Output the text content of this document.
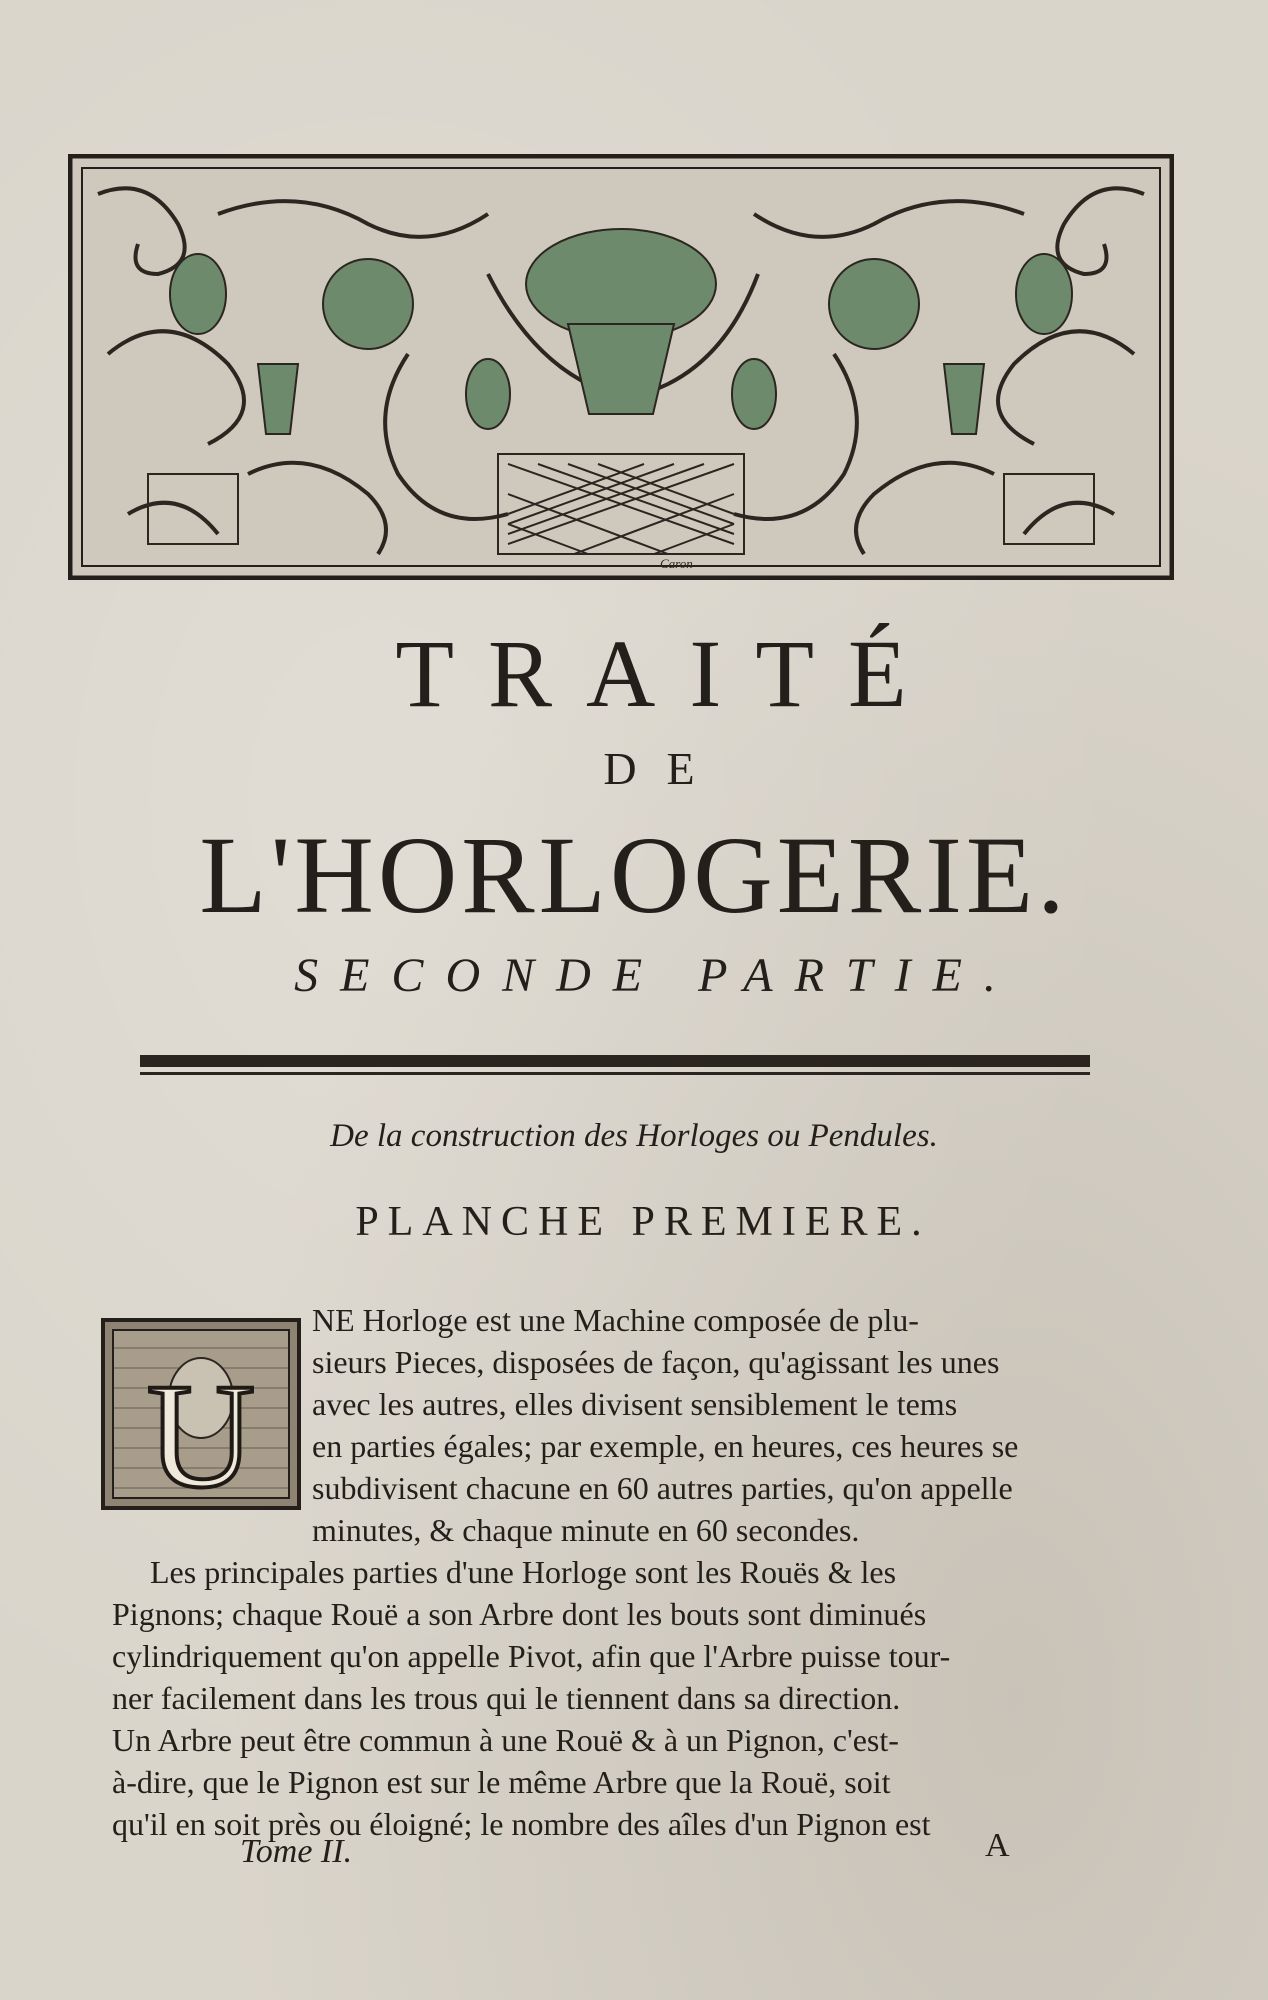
Caron
TRAITÉ
DE
L'HORLOGERIE.
SECONDE PARTIE.
De la construction des Horloges ou Pendules.
PLANCHE PREMIERE.
U
NE Horloge est une Machine composée de plu-
sieurs Pieces, disposées de façon, qu'agissant les unes
avec les autres, elles divisent sensiblement le tems
en parties égales; par exemple, en heures, ces heures se
subdivisent chacune en 60 autres parties, qu'on appelle
minutes, & chaque minute en 60 secondes.
Les principales parties d'une Horloge sont les Rouës & les
Pignons; chaque Rouë a son Arbre dont les bouts sont diminués
cylindriquement qu'on appelle Pivot, afin que l'Arbre puisse tour-
ner facilement dans les trous qui le tiennent dans sa direction.
Un Arbre peut être commun à une Rouë & à un Pignon, c'est-
à-dire, que le Pignon est sur le même Arbre que la Rouë, soit
qu'il en soit près ou éloigné; le nombre des aîles d'un Pignon est
Tome II.	A
